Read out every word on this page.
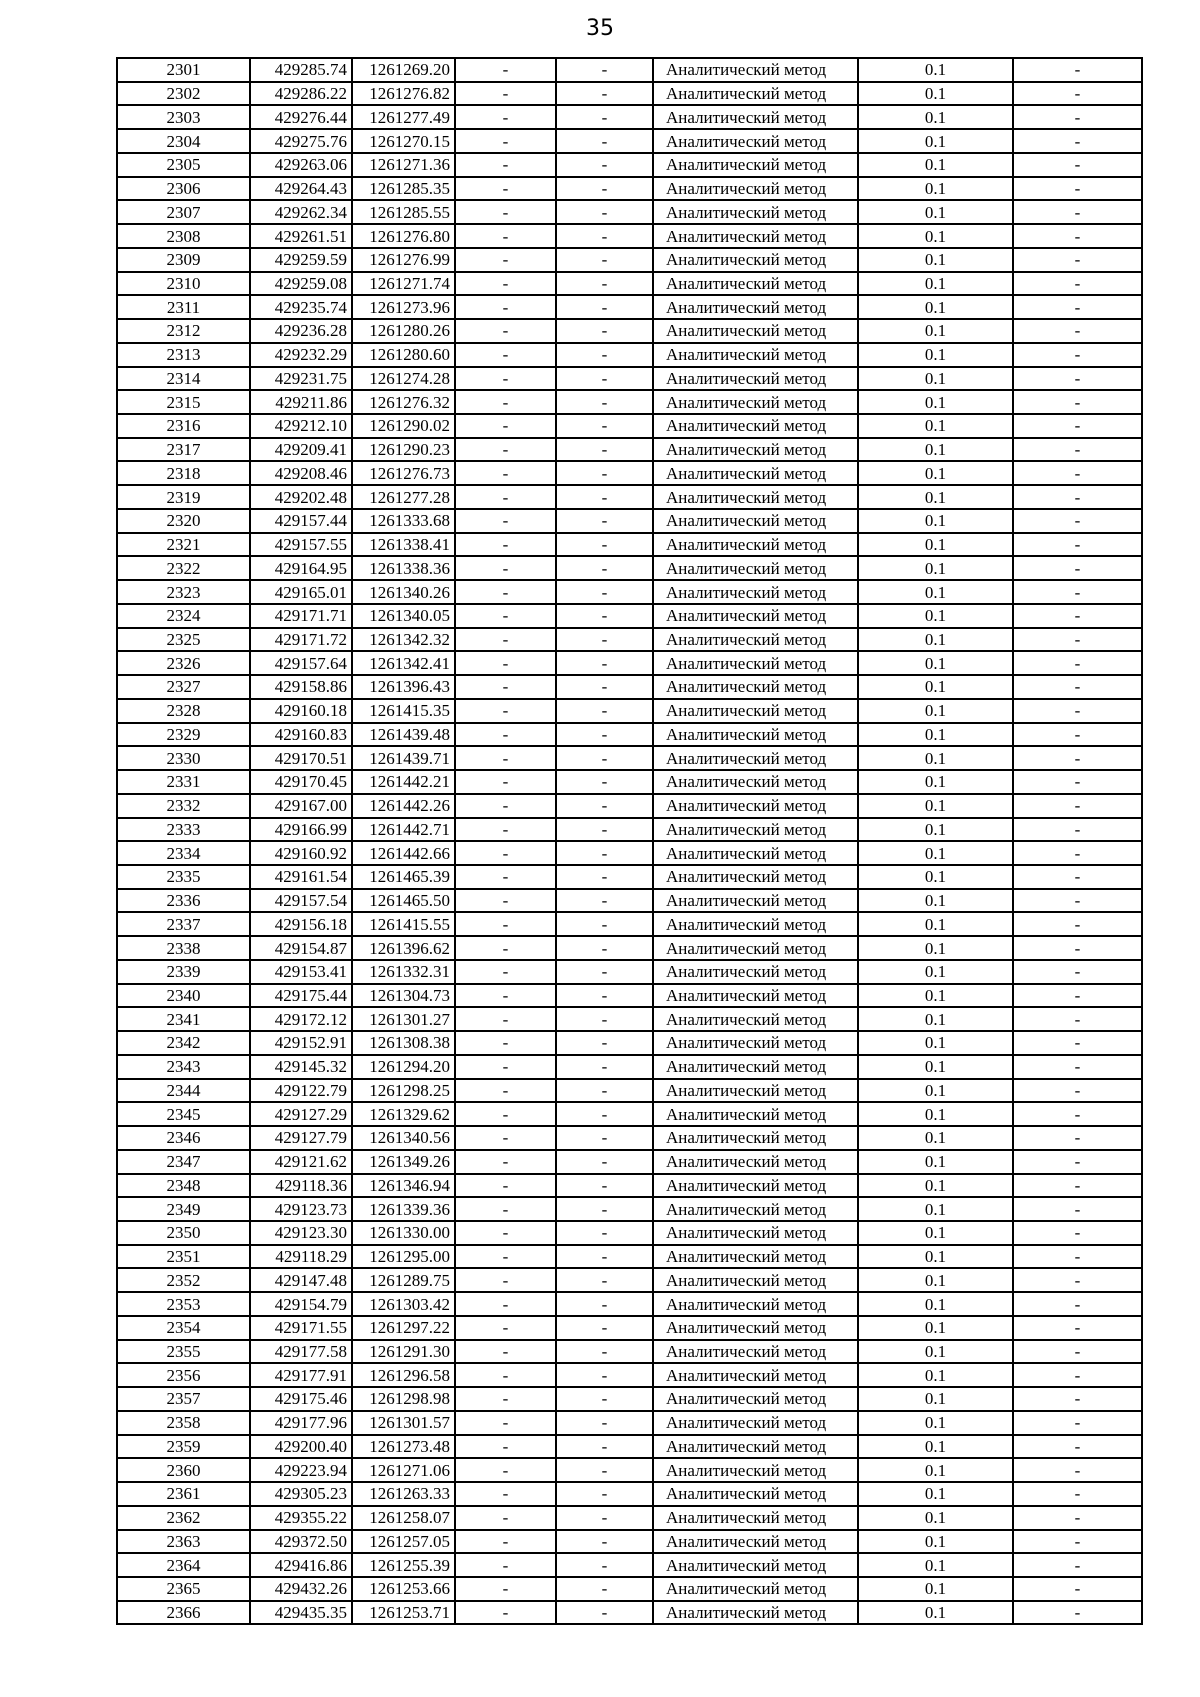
35
2301	429285.74	1261269.20	-	-	Аналитический метод	0.1	-
2302	429286.22	1261276.82	-	-	Аналитический метод	0.1	-
2303	429276.44	1261277.49	-	-	Аналитический метод	0.1	-
2304	429275.76	1261270.15	-	-	Аналитический метод	0.1	-
2305	429263.06	1261271.36	-	-	Аналитический метод	0.1	-
2306	429264.43	1261285.35	-	-	Аналитический метод	0.1	-
2307	429262.34	1261285.55	-	-	Аналитический метод	0.1	-
2308	429261.51	1261276.80	-	-	Аналитический метод	0.1	-
2309	429259.59	1261276.99	-	-	Аналитический метод	0.1	-
2310	429259.08	1261271.74	-	-	Аналитический метод	0.1	-
2311	429235.74	1261273.96	-	-	Аналитический метод	0.1	-
2312	429236.28	1261280.26	-	-	Аналитический метод	0.1	-
2313	429232.29	1261280.60	-	-	Аналитический метод	0.1	-
2314	429231.75	1261274.28	-	-	Аналитический метод	0.1	-
2315	429211.86	1261276.32	-	-	Аналитический метод	0.1	-
2316	429212.10	1261290.02	-	-	Аналитический метод	0.1	-
2317	429209.41	1261290.23	-	-	Аналитический метод	0.1	-
2318	429208.46	1261276.73	-	-	Аналитический метод	0.1	-
2319	429202.48	1261277.28	-	-	Аналитический метод	0.1	-
2320	429157.44	1261333.68	-	-	Аналитический метод	0.1	-
2321	429157.55	1261338.41	-	-	Аналитический метод	0.1	-
2322	429164.95	1261338.36	-	-	Аналитический метод	0.1	-
2323	429165.01	1261340.26	-	-	Аналитический метод	0.1	-
2324	429171.71	1261340.05	-	-	Аналитический метод	0.1	-
2325	429171.72	1261342.32	-	-	Аналитический метод	0.1	-
2326	429157.64	1261342.41	-	-	Аналитический метод	0.1	-
2327	429158.86	1261396.43	-	-	Аналитический метод	0.1	-
2328	429160.18	1261415.35	-	-	Аналитический метод	0.1	-
2329	429160.83	1261439.48	-	-	Аналитический метод	0.1	-
2330	429170.51	1261439.71	-	-	Аналитический метод	0.1	-
2331	429170.45	1261442.21	-	-	Аналитический метод	0.1	-
2332	429167.00	1261442.26	-	-	Аналитический метод	0.1	-
2333	429166.99	1261442.71	-	-	Аналитический метод	0.1	-
2334	429160.92	1261442.66	-	-	Аналитический метод	0.1	-
2335	429161.54	1261465.39	-	-	Аналитический метод	0.1	-
2336	429157.54	1261465.50	-	-	Аналитический метод	0.1	-
2337	429156.18	1261415.55	-	-	Аналитический метод	0.1	-
2338	429154.87	1261396.62	-	-	Аналитический метод	0.1	-
2339	429153.41	1261332.31	-	-	Аналитический метод	0.1	-
2340	429175.44	1261304.73	-	-	Аналитический метод	0.1	-
2341	429172.12	1261301.27	-	-	Аналитический метод	0.1	-
2342	429152.91	1261308.38	-	-	Аналитический метод	0.1	-
2343	429145.32	1261294.20	-	-	Аналитический метод	0.1	-
2344	429122.79	1261298.25	-	-	Аналитический метод	0.1	-
2345	429127.29	1261329.62	-	-	Аналитический метод	0.1	-
2346	429127.79	1261340.56	-	-	Аналитический метод	0.1	-
2347	429121.62	1261349.26	-	-	Аналитический метод	0.1	-
2348	429118.36	1261346.94	-	-	Аналитический метод	0.1	-
2349	429123.73	1261339.36	-	-	Аналитический метод	0.1	-
2350	429123.30	1261330.00	-	-	Аналитический метод	0.1	-
2351	429118.29	1261295.00	-	-	Аналитический метод	0.1	-
2352	429147.48	1261289.75	-	-	Аналитический метод	0.1	-
2353	429154.79	1261303.42	-	-	Аналитический метод	0.1	-
2354	429171.55	1261297.22	-	-	Аналитический метод	0.1	-
2355	429177.58	1261291.30	-	-	Аналитический метод	0.1	-
2356	429177.91	1261296.58	-	-	Аналитический метод	0.1	-
2357	429175.46	1261298.98	-	-	Аналитический метод	0.1	-
2358	429177.96	1261301.57	-	-	Аналитический метод	0.1	-
2359	429200.40	1261273.48	-	-	Аналитический метод	0.1	-
2360	429223.94	1261271.06	-	-	Аналитический метод	0.1	-
2361	429305.23	1261263.33	-	-	Аналитический метод	0.1	-
2362	429355.22	1261258.07	-	-	Аналитический метод	0.1	-
2363	429372.50	1261257.05	-	-	Аналитический метод	0.1	-
2364	429416.86	1261255.39	-	-	Аналитический метод	0.1	-
2365	429432.26	1261253.66	-	-	Аналитический метод	0.1	-
2366	429435.35	1261253.71	-	-	Аналитический метод	0.1	-
